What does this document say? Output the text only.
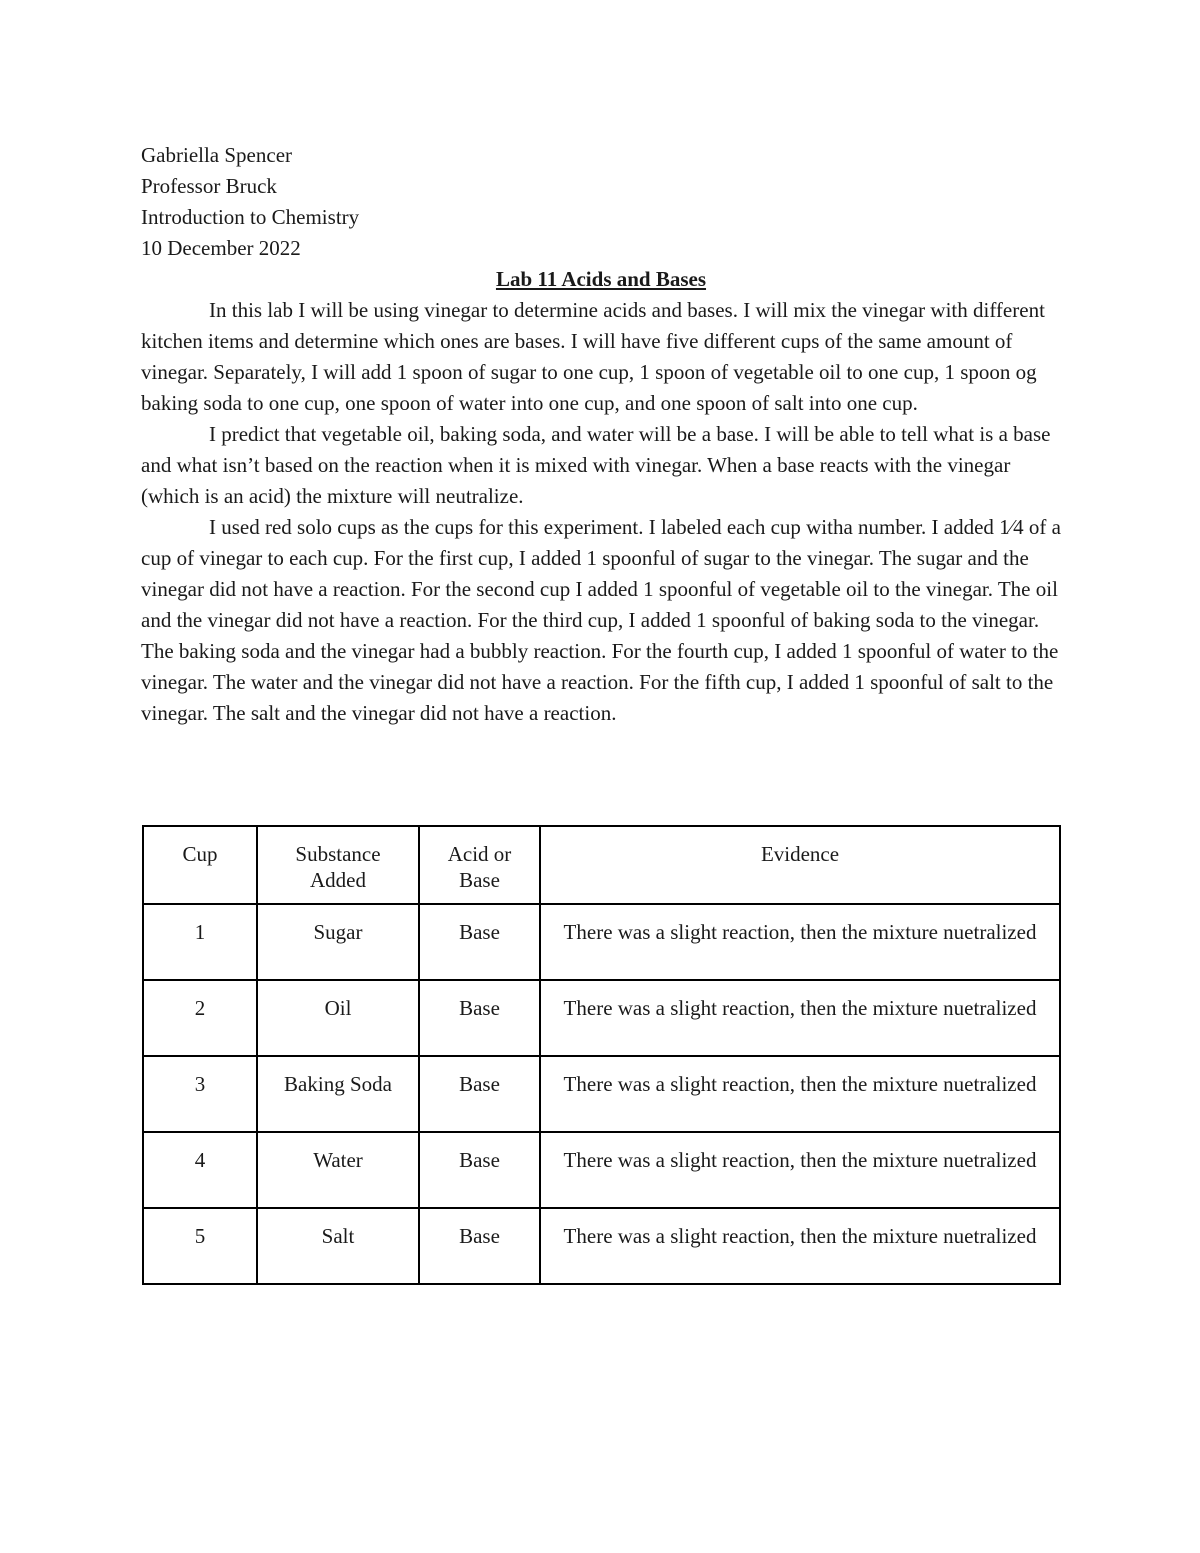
Gabriella Spencer
Professor Bruck
Introduction to Chemistry
10 December 2022

Lab 11 Acids and Bases

In this lab I will be using vinegar to determine acids and bases. I will mix the vinegar with different kitchen items and determine which ones are bases. I will have five different cups of the same amount of vinegar. Separately, I will add 1 spoon of sugar to one cup, 1 spoon of vegetable oil to one cup, 1 spoon og baking soda to one cup, one spoon of water into one cup, and one spoon of salt into one cup.

I predict that vegetable oil, baking soda, and water will be a base. I will be able to tell what is a base and what isn’t based on the reaction when it is mixed with vinegar. When a base reacts with the vinegar (which is an acid) the mixture will neutralize.

I used red solo cups as the cups for this experiment. I labeled each cup witha number. I added 1⁄4 of a cup of vinegar to each cup. For the first cup, I added 1 spoonful of sugar to the vinegar. The sugar and the vinegar did not have a reaction. For the second cup I added 1 spoonful of vegetable oil to the vinegar. The oil and the vinegar did not have a reaction. For the third cup, I added 1 spoonful of baking soda to the vinegar. The baking soda and the vinegar had a bubbly reaction. For the fourth cup, I added 1 spoonful of water to the vinegar. The water and the vinegar did not have a reaction. For the fifth cup, I added 1 spoonful of salt to the vinegar. The salt and the vinegar did not have a reaction.

Cup	Substance Added	Acid or Base	Evidence
1	Sugar	Base	There was a slight reaction, then the mixture nuetralized
2	Oil	Base	There was a slight reaction, then the mixture nuetralized
3	Baking Soda	Base	There was a slight reaction, then the mixture nuetralized
4	Water	Base	There was a slight reaction, then the mixture nuetralized
5	Salt	Base	There was a slight reaction, then the mixture nuetralized
